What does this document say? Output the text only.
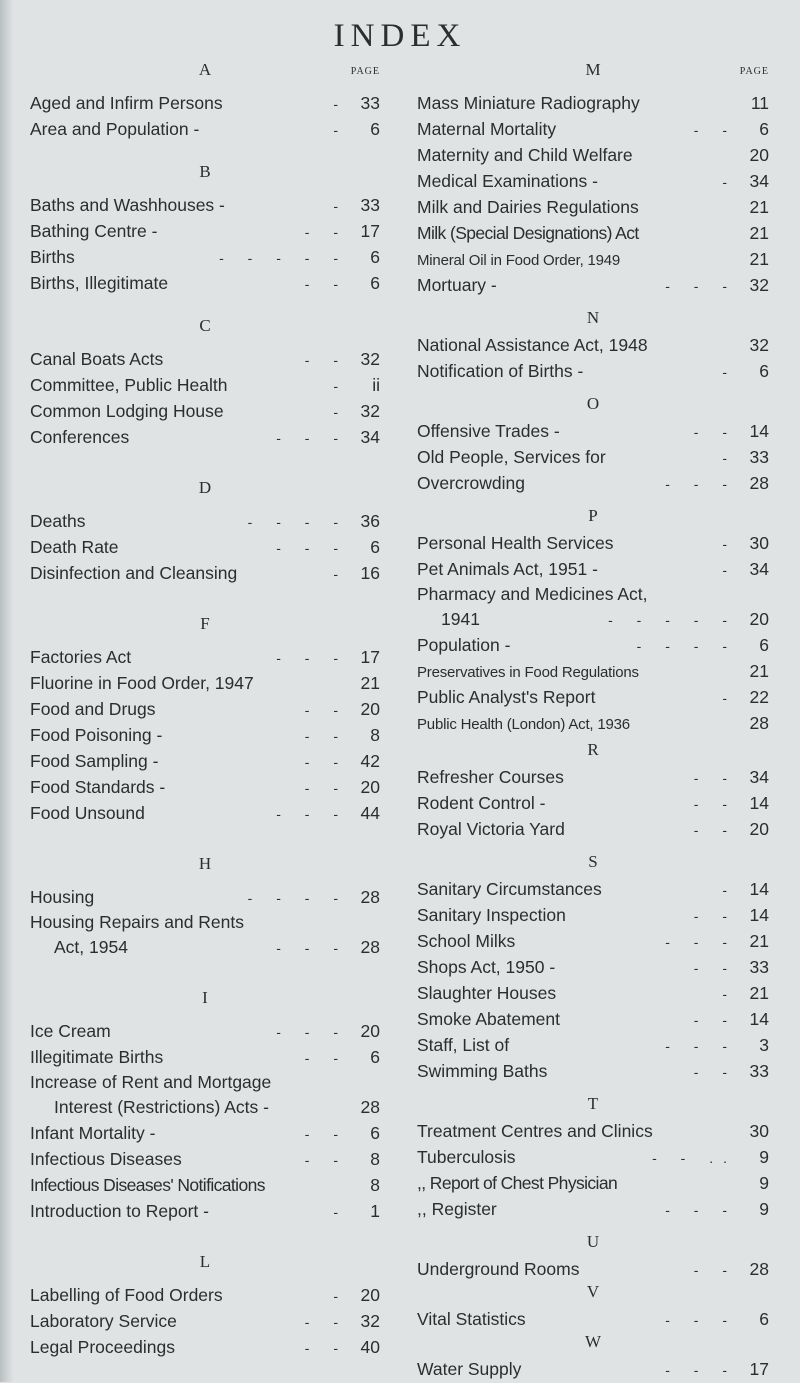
INDEX
A	PAGE
Aged and Infirm Persons	- 33
Area and Population -	-	6
B
Baths and Washhouses -	- 33
Bathing Centre -	- - 17
Births	- - - - -	6
Births, Illegitimate	- -	6
C
Canal Boats Acts	- - 32
Committee, Public Health	-	ii
Common Lodging House	- 32
Conferences	- - - 34
D
Deaths	- - - - 36
Death Rate	- - -	6
Disinfection and Cleansing	- 16
F
Factories Act	- - - 17
Fluorine in Food Order, 1947	21
Food and Drugs	- - 20
Food Poisoning -	- -	8
Food Sampling -	- - 42
Food Standards -	- - 20
Food Unsound	- - - 44
H
Housing	- - - - 28
Housing Repairs and Rents
Act, 1954	- - - 28
I
Ice Cream	- - - 20
Illegitimate Births	- -	6
Increase of Rent and Mortgage
Interest (Restrictions) Acts -	28
Infant Mortality -	- -	6
Infectious Diseases	- -	8
Infectious Diseases' Notifications	8
Introduction to Report -	-	1
L
Labelling of Food Orders	- 20
Laboratory Service	- - 32
Legal Proceedings	- - 40
M	PAGE
Mass Miniature Radiography	11
Maternal Mortality	- -	6
Maternity and Child Welfare	20
Medical Examinations -	- 34
Milk and Dairies Regulations	21
Milk (Special Designations) Act	21
Mineral Oil in Food Order, 1949	21
Mortuary -	- - - 32
N
National Assistance Act, 1948	32
Notification of Births -	-	6
O
Offensive Trades -	- - 14
Old People, Services for	- 33
Overcrowding	- - - 28
P
Personal Health Services	- 30
Pet Animals Act, 1951 -	- 34
Pharmacy and Medicines Act,
1941	- - - - - 20
Population -	- - - -	6
Preservatives in Food Regulations	21
Public Analyst's Report	- 22
Public Health (London) Act, 1936	28
R
Refresher Courses	- - 34
Rodent Control -	- - 14
Royal Victoria Yard	- - 20
S
Sanitary Circumstances	- 14
Sanitary Inspection	- - 14
School Milks	- - - 21
Shops Act, 1950 -	- - 33
Slaughter Houses	- 21
Smoke Abatement	- - 14
Staff, List of	- - -	3
Swimming Baths	- - 33
T
Treatment Centres and Clinics	30
Tuberculosis	- - ..	9
,, Report of Chest Physician	9
,, Register	- - -	9
U
Underground Rooms	- - 28
V
Vital Statistics	- - -	6
W
Water Supply	- - - 17
